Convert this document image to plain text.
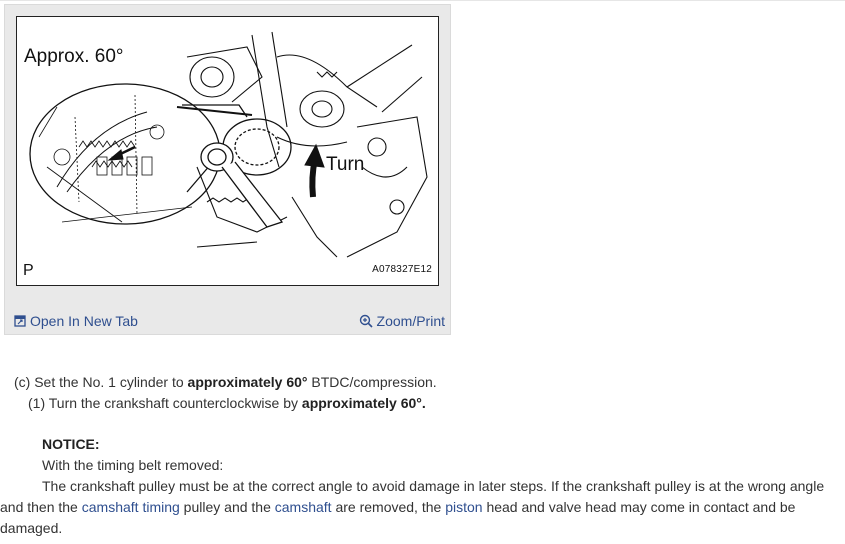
Approx. 60°
Turn
P	A078327E12
Open In New Tab	Zoom/Print
(c) Set the No. 1 cylinder to approximately 60° BTDC/compression.
(1) Turn the crankshaft counterclockwise by approximately 60°.
NOTICE:
With the timing belt removed:
The crankshaft pulley must be at the correct angle to avoid damage in later steps. If the crankshaft pulley is at the wrong angle and then the camshaft timing pulley and the camshaft are removed, the piston head and valve head may come in contact and be damaged.
